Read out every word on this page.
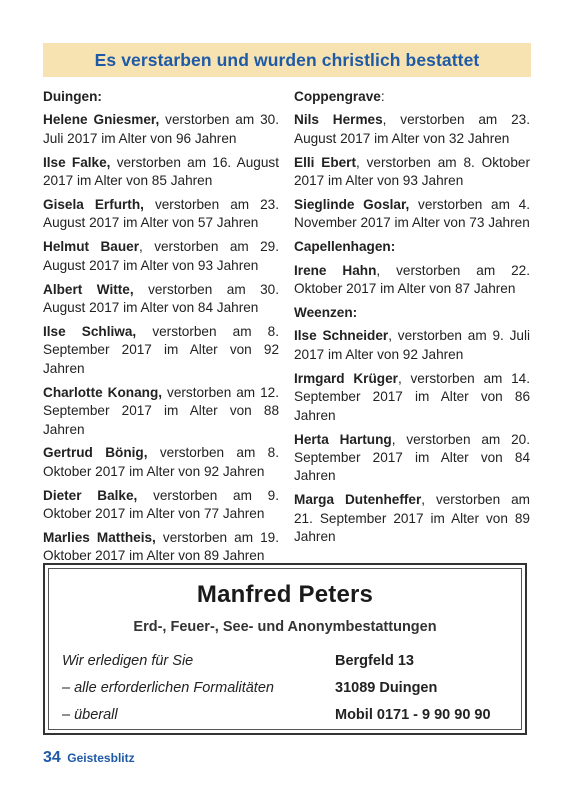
Es verstarben und wurden christlich bestattet
Duingen:
Helene Gniesmer, verstorben am 30. Juli 2017 im Alter von 96 Jahren
Ilse Falke, verstorben am 16. August 2017 im Alter von 85 Jahren
Gisela Erfurth, verstorben am 23. August 2017 im Alter von 57 Jahren
Helmut Bauer, verstorben am 29. August 2017 im Alter von 93 Jahren
Albert Witte, verstorben am 30. August 2017 im Alter von 84 Jahren
Ilse Schliwa, verstorben am 8. September 2017 im Alter von 92 Jahren
Charlotte Konang, verstorben am 12. September 2017 im Alter von 88 Jahren
Gertrud Bönig, verstorben am 8. Oktober 2017 im Alter von 92 Jahren
Dieter Balke, verstorben am 9. Oktober 2017 im Alter von 77 Jahren
Marlies Mattheis, verstorben am 19. Oktober 2017 im Alter von 89 Jahren
Coppengrave:
Nils Hermes, verstorben am 23. August 2017 im Alter von 32 Jahren
Elli Ebert, verstorben am 8. Oktober 2017 im Alter von 93 Jahren
Sieglinde Goslar, verstorben am 4. November 2017 im Alter von 73 Jahren
Capellenhagen:
Irene Hahn, verstorben am 22. Oktober 2017 im Alter von 87 Jahren
Weenzen:
Ilse Schneider, verstorben am 9. Juli 2017 im Alter von 92 Jahren
Irmgard Krüger, verstorben am 14. September 2017 im Alter von 86 Jahren
Herta Hartung, verstorben am 20. September 2017 im Alter von 84 Jahren
Marga Dutenheffer, verstorben am 21. September 2017 im Alter von 89 Jahren
Manfred Peters
Erd-, Feuer-, See- und Anonymbestattungen
Wir erledigen für Sie
– alle erforderlichen Formalitäten
– überall
Bergfeld 13
31089 Duingen
Mobil 0171 - 9 90 90 90
34 Geistesblitz
